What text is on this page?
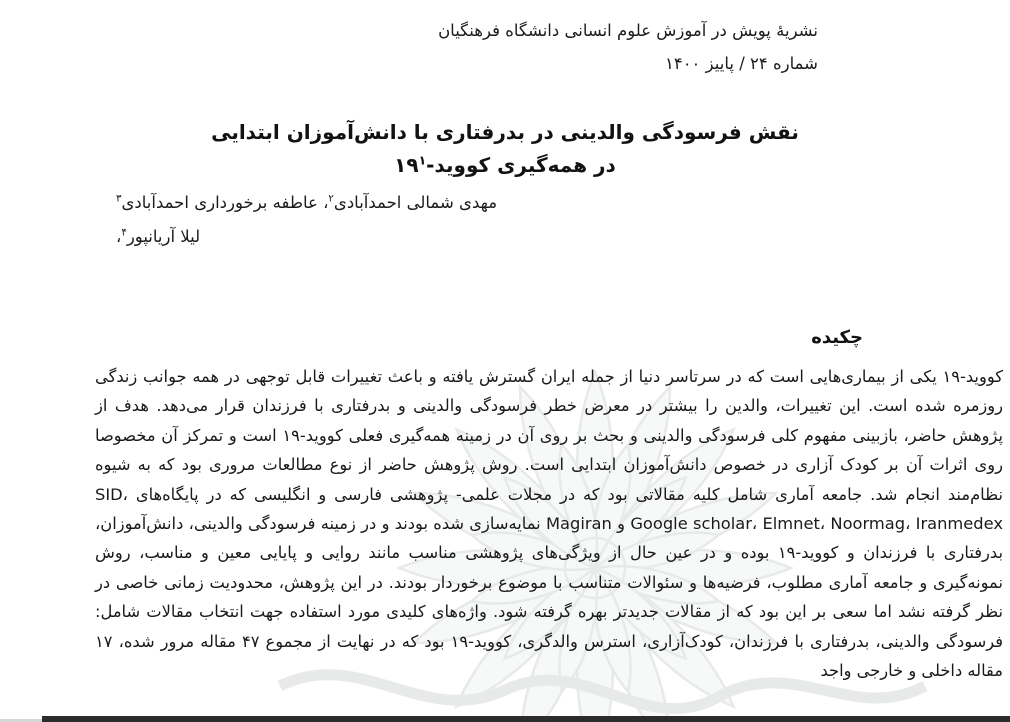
نشریۀ پویش در آموزش علوم انسانی دانشگاه فرهنگیان
شماره ۲۴ / پاییز ۱۴۰۰
نقش فرسودگی والدینی در بدرفتاری با دانش‌آموزان ابتدایی
در همه‌گیری کووید-$۱۹^۱$
مهدی شمالی احمدآبادی$^۲$، عاطفه برخورداری احمدآبادی$^۳$
لیلا آریانپور$^۴$،
چکیده

کووید-۱۹ یکی از بیماری‌هایی است که در سرتاسر دنیا از جمله ایران گسترش یافته و باعث تغییرات قابل توجهی در همه جوانب زندگی روزمره شده است. این تغییرات، والدین را بیشتر در معرض خطر فرسودگی والدینی و بدرفتاری با فرزندان قرار می‌دهد. هدف از پژوهش حاضر، بازبینی مفهوم کلی فرسودگی والدینی و بحث بر روی آن در زمینه همه‌گیری فعلی کووید-۱۹ است و تمرکز آن مخصوصا روی اثرات آن بر کودک آزاری در خصوص دانش‌آموزان ابتدایی است. روش پژوهش حاضر از نوع مطالعات مروری بود که به شیوه نظام‌مند انجام شد. جامعه آماری شامل کلیه مقالاتی بود که در مجلات علمی- پژوهشی فارسی و انگلیسی که در پایگاه‌های SID، Google scholar، Elmnet، Noormag، Iranmedex و Magiran نمایه‌سازی شده بودند و در زمینه فرسودگی والدینی، دانش‌آموزان، بدرفتاری با فرزندان و کووید-۱۹ بوده و در عین حال از ویژگی‌های پژوهشی مناسب مانند روایی و پایایی معین و مناسب، روش نمونه‌گیری و جامعه آماری مطلوب، فرضیه‌ها و سئوالات متناسب با موضوع برخوردار بودند. در این پژوهش، محدودیت زمانی خاصی در نظر گرفته نشد اما سعی بر این بود که از مقالات جدیدتر بهره گرفته شود. واژه‌های کلیدی مورد استفاده جهت انتخاب مقالات شامل: فرسودگی والدینی، بدرفتاری با فرزندان، کودک‌آزاری، استرس والدگری، کووید-۱۹ بود که در نهایت از مجموع ۴۷ مقاله مرور شده، ۱۷ مقاله داخلی و خارجی واجد
